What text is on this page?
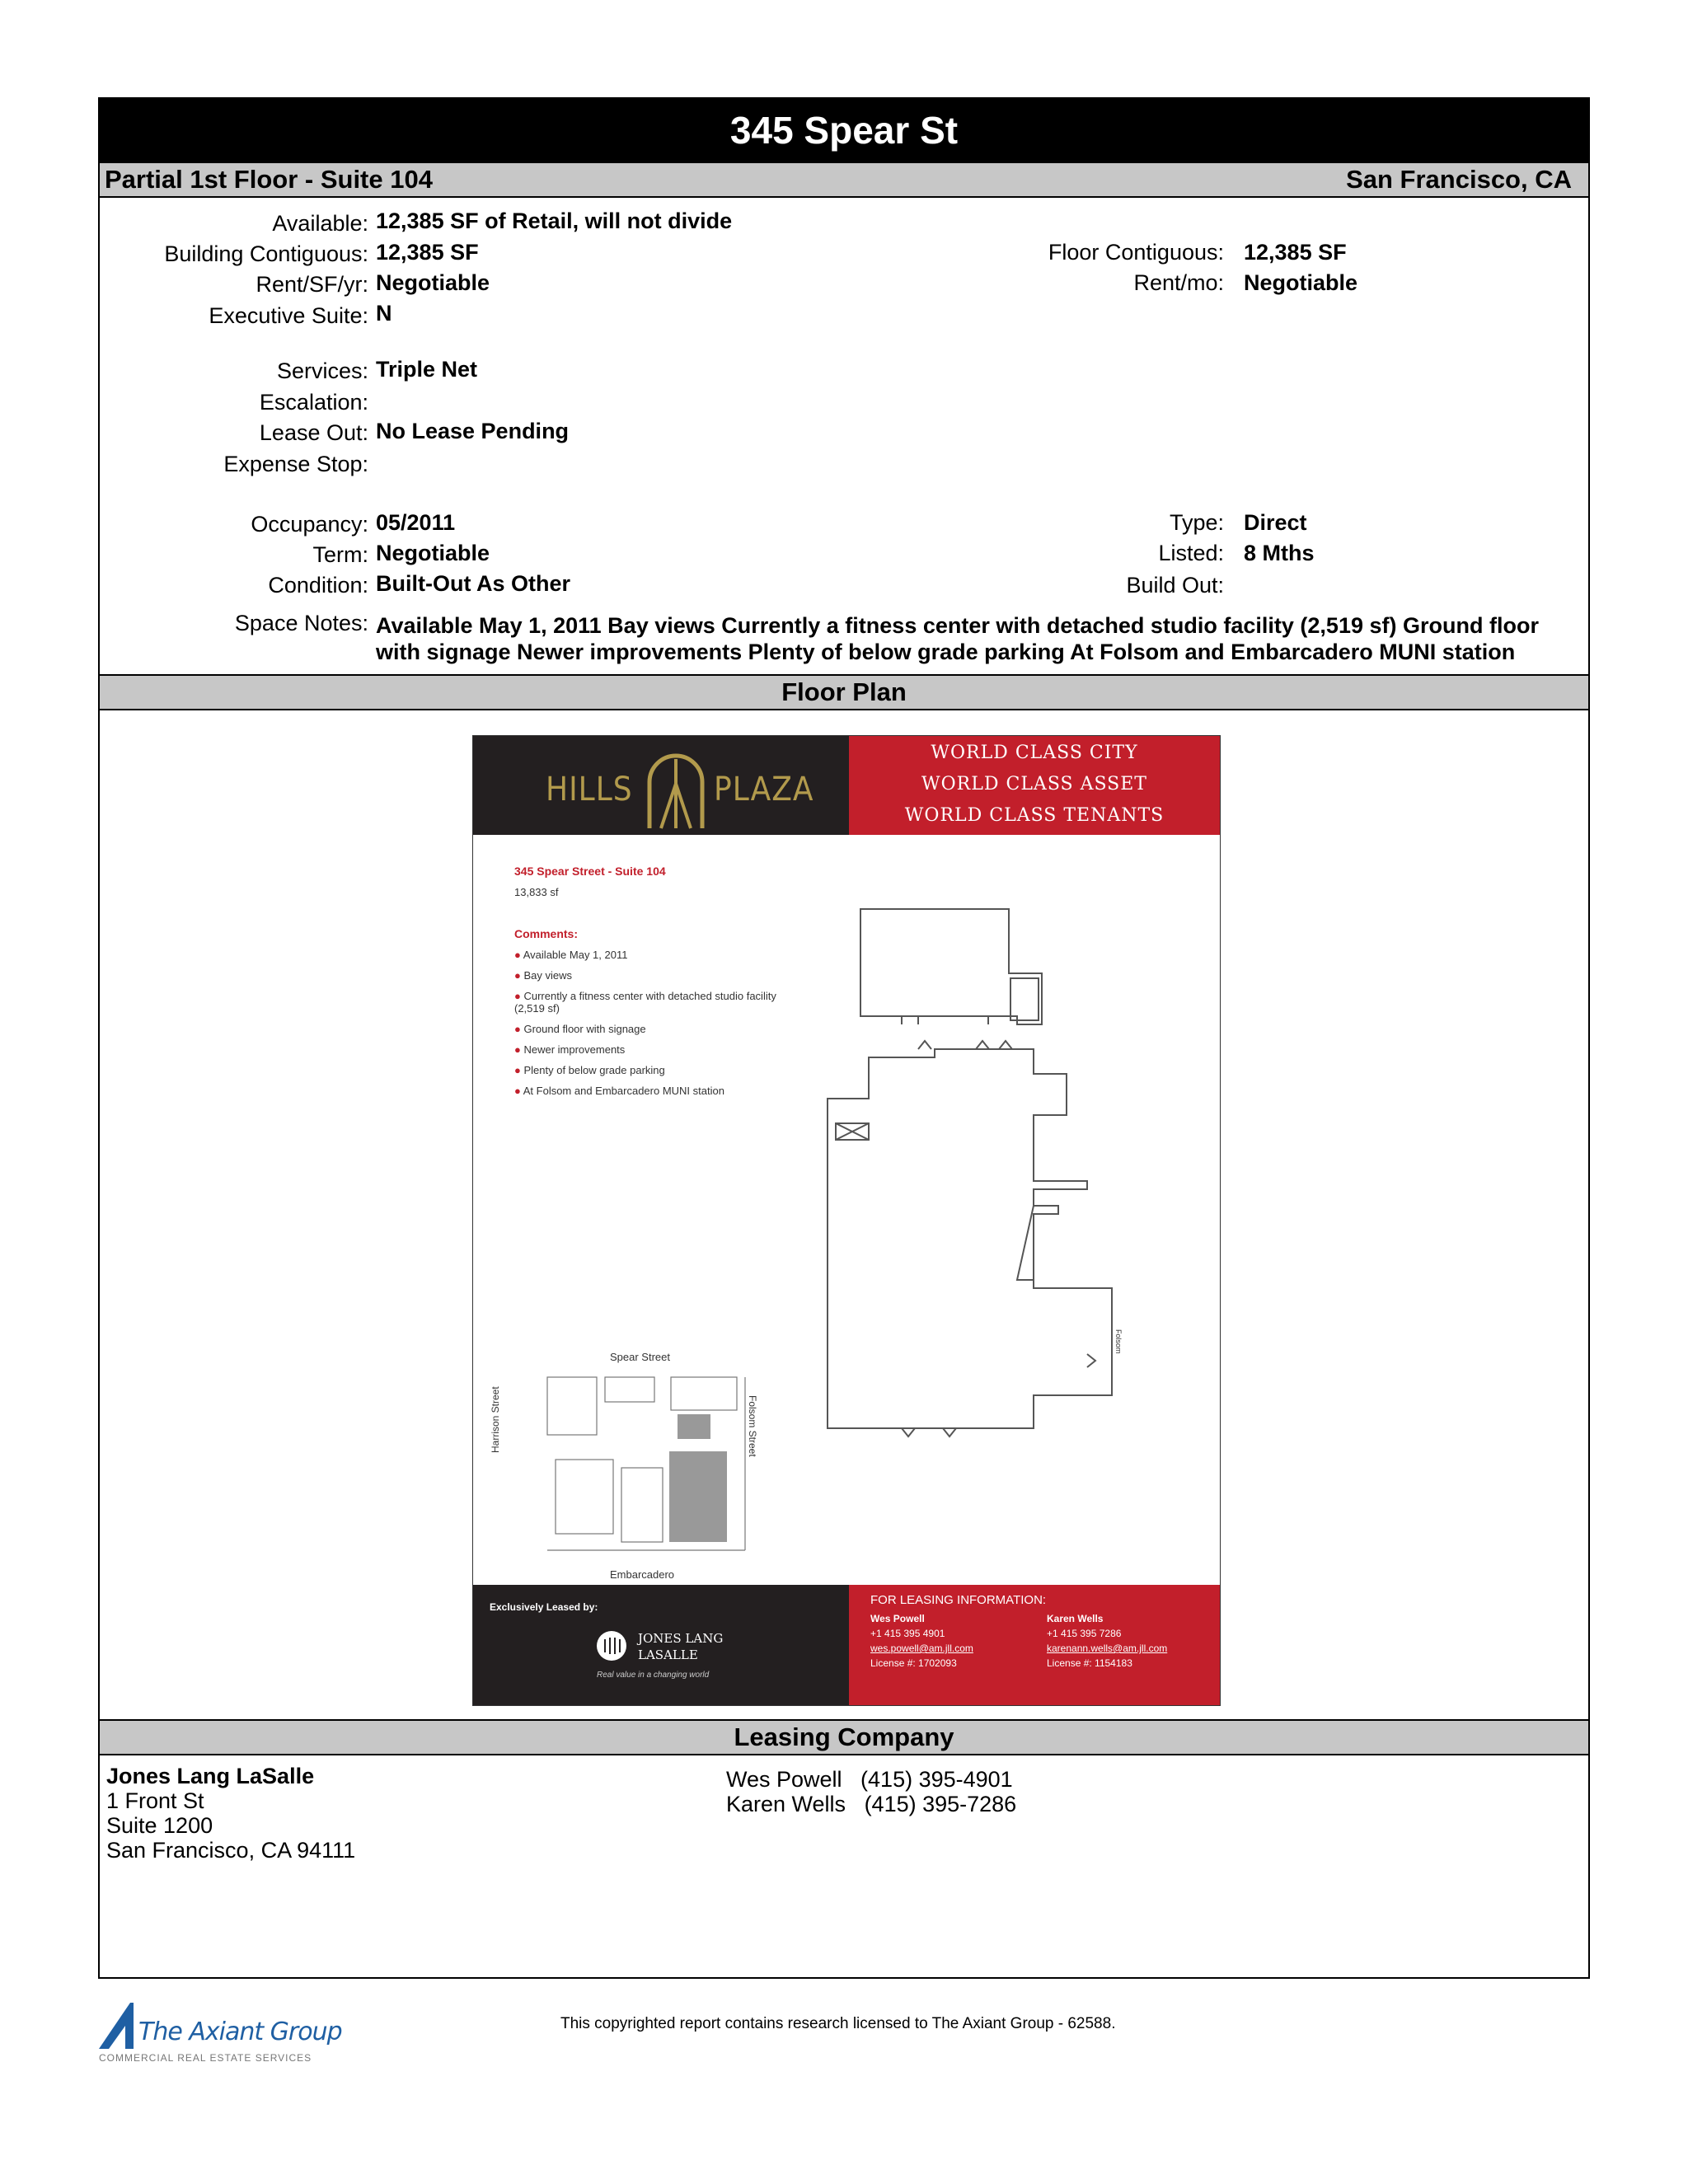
345 Spear St
Partial 1st Floor - Suite 104	San Francisco, CA
Available: 12,385 SF of Retail, will not divide
Building Contiguous: 12,385 SF	Floor Contiguous: 12,385 SF
Rent/SF/yr: Negotiable	Rent/mo: Negotiable
Executive Suite: N
Services: Triple Net
Escalation:
Lease Out: No Lease Pending
Expense Stop:
Occupancy: 05/2011	Type: Direct
Term: Negotiable	Listed: 8 Mths
Condition: Built-Out As Other	Build Out:
Space Notes: Available May 1, 2011 Bay views Currently a fitness center with detached studio facility (2,519 sf) Ground floor with signage Newer improvements Plenty of below grade parking At Folsom and Embarcadero MUNI station
Floor Plan
HILLS PLAZA
WORLD CLASS CITY
WORLD CLASS ASSET
WORLD CLASS TENANTS
345 Spear Street - Suite 104
13,833 sf
Comments:
● Available May 1, 2011
● Bay views
● Currently a fitness center with detached studio facility (2,519 sf)
● Ground floor with signage
● Newer improvements
● Plenty of below grade parking
● At Folsom and Embarcadero MUNI station
Folsom
Spear Street
Embarcadero
Harrison Street	Folsom Street
Exclusively Leased by:
JONES LANG
LASALLE
Real value in a changing world
FOR LEASING INFORMATION:
Wes Powell
+1 415 395 4901
wes.powell@am.jll.com
License #: 1702093
Karen Wells
+1 415 395 7286
karenann.wells@am.jll.com
License #: 1154183
Leasing Company
Jones Lang LaSalle
1 Front St
Suite 1200
San Francisco, CA 94111
Wes Powell   (415) 395-4901
Karen Wells   (415) 395-7286
The Axiant Group
COMMERCIAL REAL ESTATE SERVICES
This copyrighted report contains research licensed to The Axiant Group - 62588.
